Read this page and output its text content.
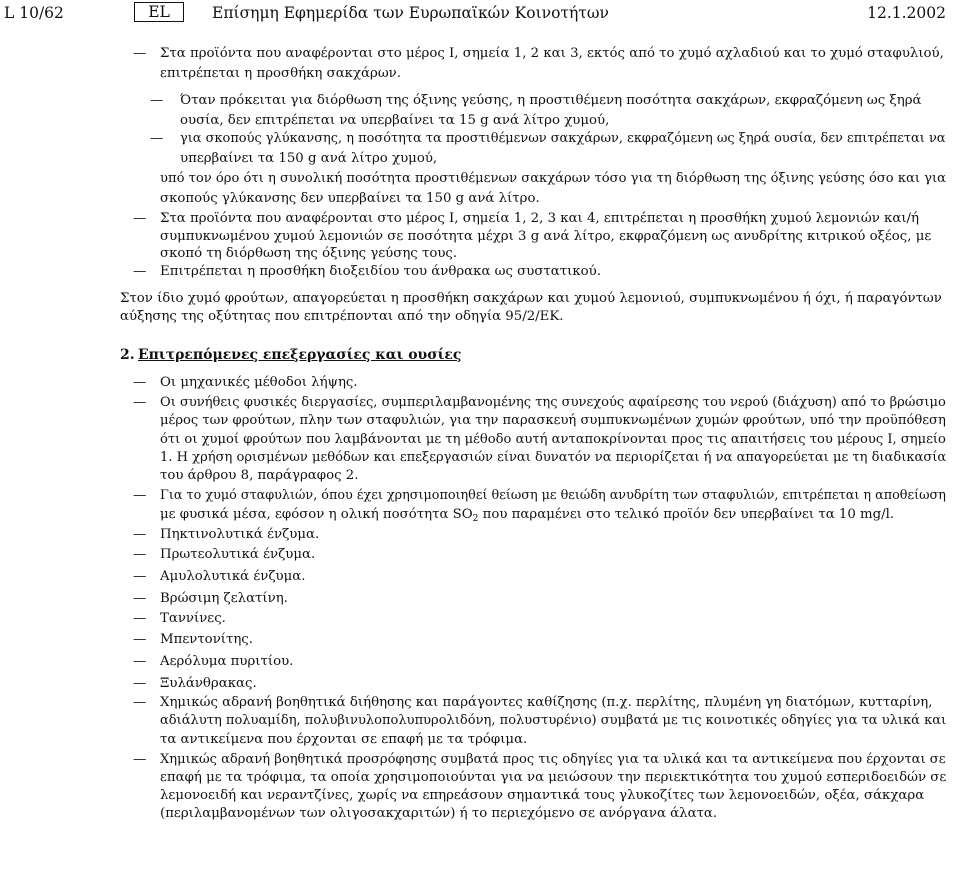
L 10/62	EL	Επίσημη Εφημερίδα των Ευρωπαϊκών Κοινοτήτων	12.1.2002
— Στα προϊόντα που αναφέρονται στο μέρος I, σημεία 1, 2 και 3, εκτός από το χυμό αχλαδιού και το χυμό σταφυλιού,
επιτρέπεται η προσθήκη σακχάρων.
— Όταν πρόκειται για διόρθωση της όξινης γεύσης, η προστιθέμενη ποσότητα σακχάρων, εκφραζόμενη ως ξηρά
ουσία, δεν επιτρέπεται να υπερβαίνει τα 15 g ανά λίτρο χυμού,
— για σκοπούς γλύκανσης, η ποσότητα τα προστιθέμενων σακχάρων, εκφραζόμενη ως ξηρά ουσία, δεν επιτρέπεται να
υπερβαίνει τα 150 g ανά λίτρο χυμού,
υπό τον όρο ότι η συνολική ποσότητα προστιθέμενων σακχάρων τόσο για τη διόρθωση της όξινης γεύσης όσο και για
σκοπούς γλύκανσης δεν υπερβαίνει τα 150 g ανά λίτρο.
— Στα προϊόντα που αναφέρονται στο μέρος I, σημεία 1, 2, 3 και 4, επιτρέπεται η προσθήκη χυμού λεμονιών και/ή
συμπυκνωμένου χυμού λεμονιών σε ποσότητα μέχρι 3 g ανά λίτρο, εκφραζόμενη ως ανυδρίτης κιτρικού οξέος, με
σκοπό τη διόρθωση της όξινης γεύσης τους.
— Επιτρέπεται η προσθήκη διοξειδίου του άνθρακα ως συστατικού.
Στον ίδιο χυμό φρούτων, απαγορεύεται η προσθήκη σακχάρων και χυμού λεμονιού, συμπυκνωμένου ή όχι, ή παραγόντων
αύξησης της οξύτητας που επιτρέπονται από την οδηγία 95/2/ΕΚ.
2. Επιτρεπόμενες επεξεργασίες και ουσίες
— Οι μηχανικές μέθοδοι λήψης.
— Οι συνήθεις φυσικές διεργασίες, συμπεριλαμβανομένης της συνεχούς αφαίρεσης του νερού (διάχυση) από το βρώσιμο
μέρος των φρούτων, πλην των σταφυλιών, για την παρασκευή συμπυκνωμένων χυμών φρούτων, υπό την προϋπόθεση
ότι οι χυμοί φρούτων που λαμβάνονται με τη μέθοδο αυτή ανταποκρίνονται προς τις απαιτήσεις του μέρους I, σημείο
1. Η χρήση ορισμένων μεθόδων και επεξεργασιών είναι δυνατόν να περιορίζεται ή να απαγορεύεται με τη διαδικασία
του άρθρου 8, παράγραφος 2.
— Για το χυμό σταφυλιών, όπου έχει χρησιμοποιηθεί θείωση με θειώδη ανυδρίτη των σταφυλιών, επιτρέπεται η αποθείωση
με φυσικά μέσα, εφόσον η ολική ποσότητα $SO_2$ που παραμένει στο τελικό προϊόν δεν υπερβαίνει τα 10 mg/l.
— Πηκτινολυτικά ένζυμα.
— Πρωτεολυτικά ένζυμα.
— Αμυλολυτικά ένζυμα.
— Βρώσιμη ζελατίνη.
— Ταννίνες.
— Μπεντονίτης.
— Αερόλυμα πυριτίου.
— Ξυλάνθρακας.
— Χημικώς αδρανή βοηθητικά διήθησης και παράγοντες καθίζησης (π.χ. περλίτης, πλυμένη γη διατόμων, κυτταρίνη,
αδιάλυτη πολυαμίδη, πολυβινυλοπολυπυρολιδόνη, πολυστυρένιο) συμβατά με τις κοινοτικές οδηγίες για τα υλικά και
τα αντικείμενα που έρχονται σε επαφή με τα τρόφιμα.
— Χημικώς αδρανή βοηθητικά προσρόφησης συμβατά προς τις οδηγίες για τα υλικά και τα αντικείμενα που έρχονται σε
επαφή με τα τρόφιμα, τα οποία χρησιμοποιούνται για να μειώσουν την περιεκτικότητα του χυμού εσπεριδοειδών σε
λεμονοειδή και νεραντζίνες, χωρίς να επηρεάσουν σημαντικά τους γλυκοζίτες των λεμονοειδών, οξέα, σάκχαρα
(περιλαμβανομένων των ολιγοσακχαριτών) ή το περιεχόμενο σε ανόργανα άλατα.
